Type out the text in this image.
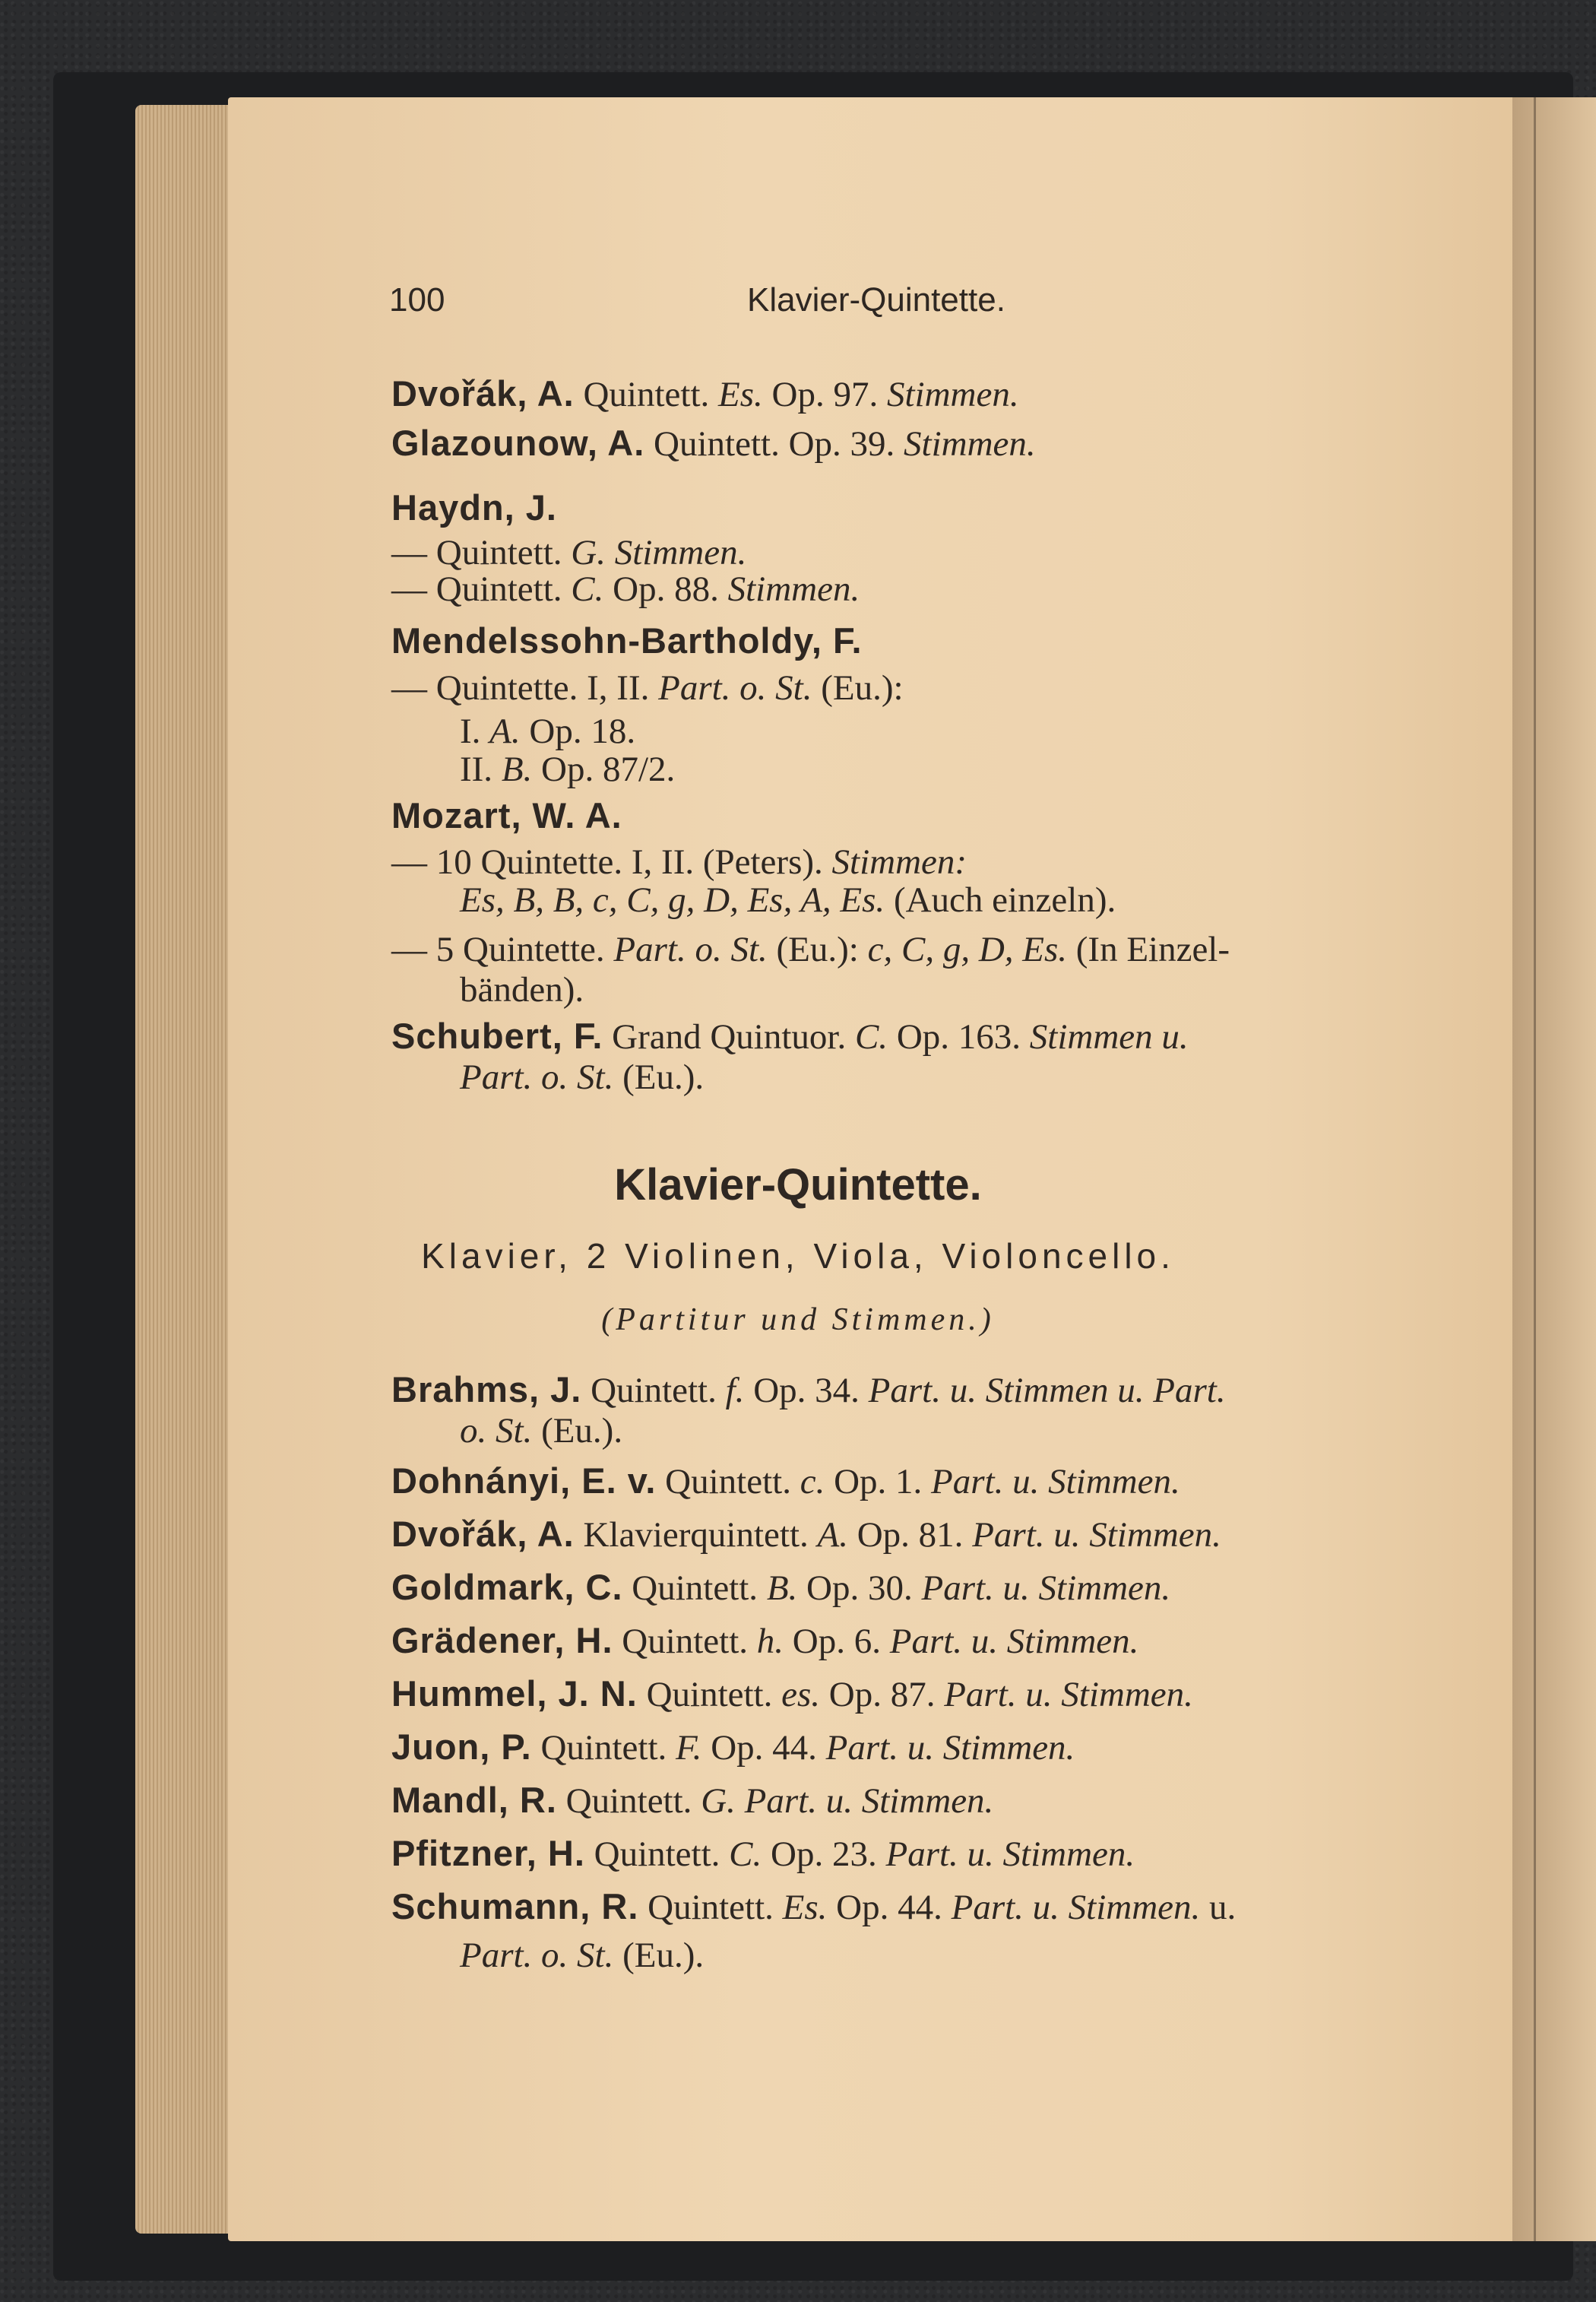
100	Klavier-Quintette.
Dvořák, A. Quintett. Es. Op. 97. Stimmen.
Glazounow, A. Quintett. Op. 39. Stimmen.
Haydn, J.
— Quintett. G. Stimmen.
— Quintett. C. Op. 88. Stimmen.
Mendelssohn-Bartholdy, F.
— Quintette. I, II. Part. o. St. (Eu.):
I. A. Op. 18.
II. B. Op. 87/2.
Mozart, W. A.
— 10 Quintette. I, II. (Peters). Stimmen:
Es, B, B, c, C, g, D, Es, A, Es. (Auch einzeln).
— 5 Quintette. Part. o. St. (Eu.): c, C, g, D, Es. (In Einzel-
bänden).
Schubert, F. Grand Quintuor. C. Op. 163. Stimmen u.
Part. o. St. (Eu.).
Klavier-Quintette.
Klavier, 2 Violinen, Viola, Violoncello.
(Partitur und Stimmen.)
Brahms, J. Quintett. f. Op. 34. Part. u. Stimmen u. Part.
o. St. (Eu.).
Dohnányi, E. v. Quintett. c. Op. 1. Part. u. Stimmen.
Dvořák, A. Klavierquintett. A. Op. 81. Part. u. Stimmen.
Goldmark, C. Quintett. B. Op. 30. Part. u. Stimmen.
Grädener, H. Quintett. h. Op. 6. Part. u. Stimmen.
Hummel, J. N. Quintett. es. Op. 87. Part. u. Stimmen.
Juon, P. Quintett. F. Op. 44. Part. u. Stimmen.
Mandl, R. Quintett. G. Part. u. Stimmen.
Pfitzner, H. Quintett. C. Op. 23. Part. u. Stimmen.
Schumann, R. Quintett. Es. Op. 44. Part. u. Stimmen. u.
Part. o. St. (Eu.).
